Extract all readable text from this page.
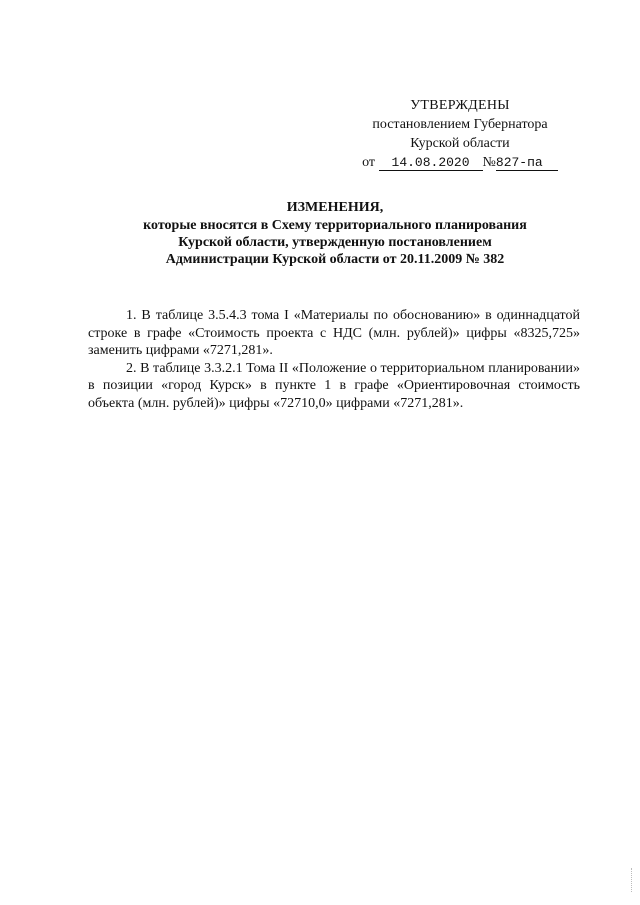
УТВЕРЖДЕНЫ
постановлением Губернатора
Курской области
от 14.08.2020 №827-па
ИЗМЕНЕНИЯ,
которые вносятся в Схему территориального планирования
Курской области, утвержденную постановлением
Администрации Курской области от 20.11.2009 № 382

1. В таблице 3.5.4.3 тома I «Материалы по обоснованию» в одиннадцатой строке в графе «Стоимость проекта с НДС (млн. рублей)» цифры «8325,725» заменить цифрами «7271,281».

2. В таблице 3.3.2.1 Тома II «Положение о территориальном планировании» в позиции «город Курск» в пункте 1 в графе «Ориентировочная стоимость объекта (млн. рублей)» цифры «72710,0» цифрами «7271,281».
